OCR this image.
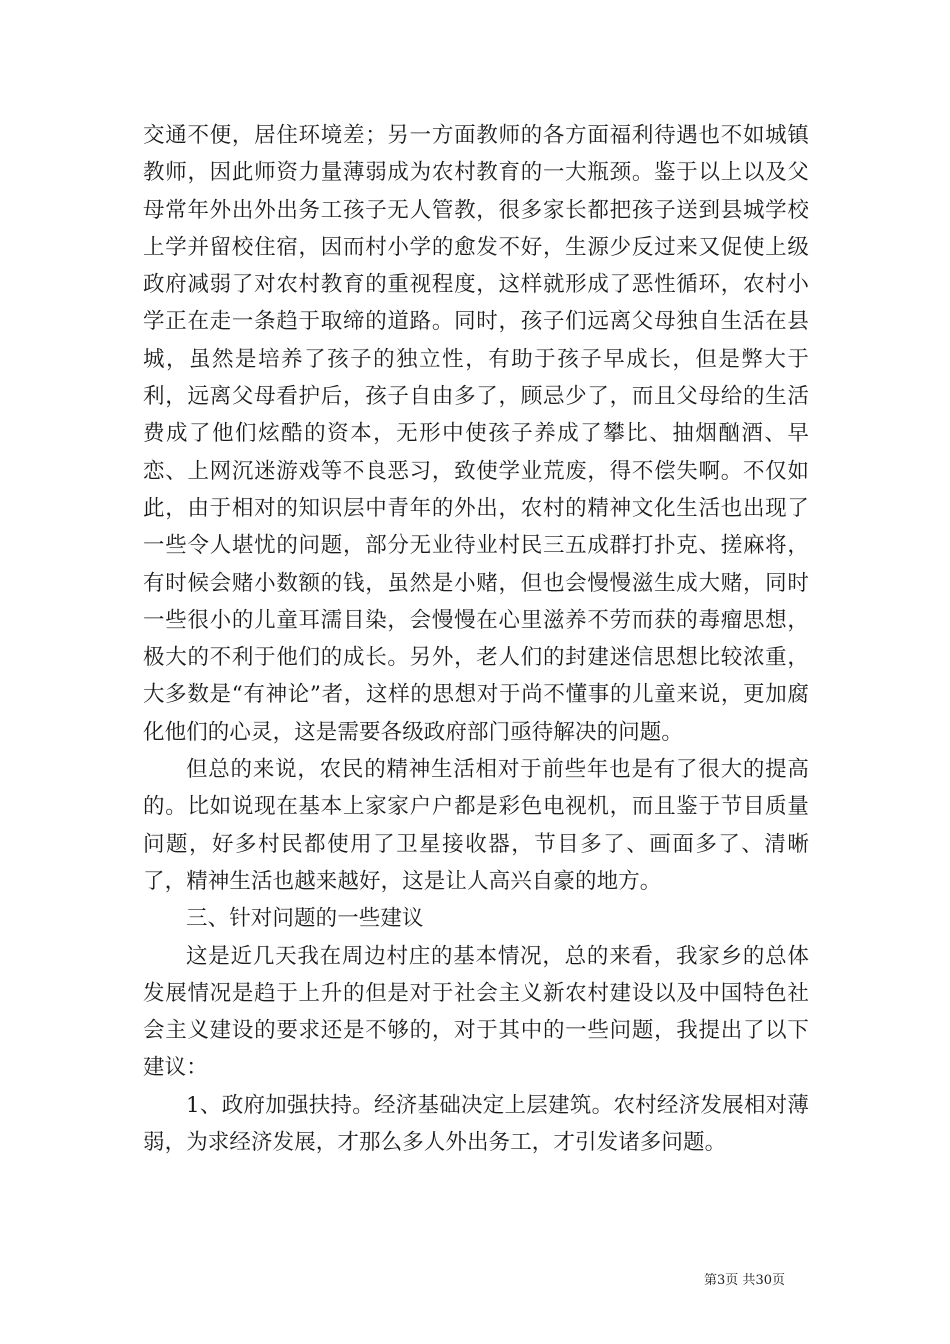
交通不便，居住环境差；另一方面教师的各方面福利待遇也不如城镇教师，因此师资力量薄弱成为农村教育的一大瓶颈。鉴于以上以及父母常年外出外出务工孩子无人管教，很多家长都把孩子送到县城学校上学并留校住宿，因而村小学的愈发不好，生源少反过来又促使上级政府减弱了对农村教育的重视程度，这样就形成了恶性循环，农村小学正在走一条趋于取缔的道路。同时，孩子们远离父母独自生活在县城，虽然是培养了孩子的独立性，有助于孩子早成长，但是弊大于利，远离父母看护后，孩子自由多了，顾忌少了，而且父母给的生活费成了他们炫酷的资本，无形中使孩子养成了攀比、抽烟酗酒、早恋、上网沉迷游戏等不良恶习，致使学业荒废，得不偿失啊。不仅如此，由于相对的知识层中青年的外出，农村的精神文化生活也出现了一些令人堪忧的问题，部分无业待业村民三五成群打扑克、搓麻将，有时候会赌小数额的钱，虽然是小赌，但也会慢慢滋生成大赌，同时一些很小的儿童耳濡目染，会慢慢在心里滋养不劳而获的毒瘤思想，极大的不利于他们的成长。另外，老人们的封建迷信思想比较浓重，大多数是“有神论”者，这样的思想对于尚不懂事的儿童来说，更加腐化他们的心灵，这是需要各级政府部门亟待解决的问题。

但总的来说，农民的精神生活相对于前些年也是有了很大的提高的。比如说现在基本上家家户户都是彩色电视机，而且鉴于节目质量问题，好多村民都使用了卫星接收器，节目多了、画面多了、清晰了，精神生活也越来越好，这是让人高兴自豪的地方。

三、针对问题的一些建议

这是近几天我在周边村庄的基本情况，总的来看，我家乡的总体发展情况是趋于上升的但是对于社会主义新农村建设以及中国特色社会主义建设的要求还是不够的，对于其中的一些问题，我提出了以下建议：

1、政府加强扶持。经济基础决定上层建筑。农村经济发展相对薄弱，为求经济发展，才那么多人外出务工，才引发诸多问题。

第3页 共30页
